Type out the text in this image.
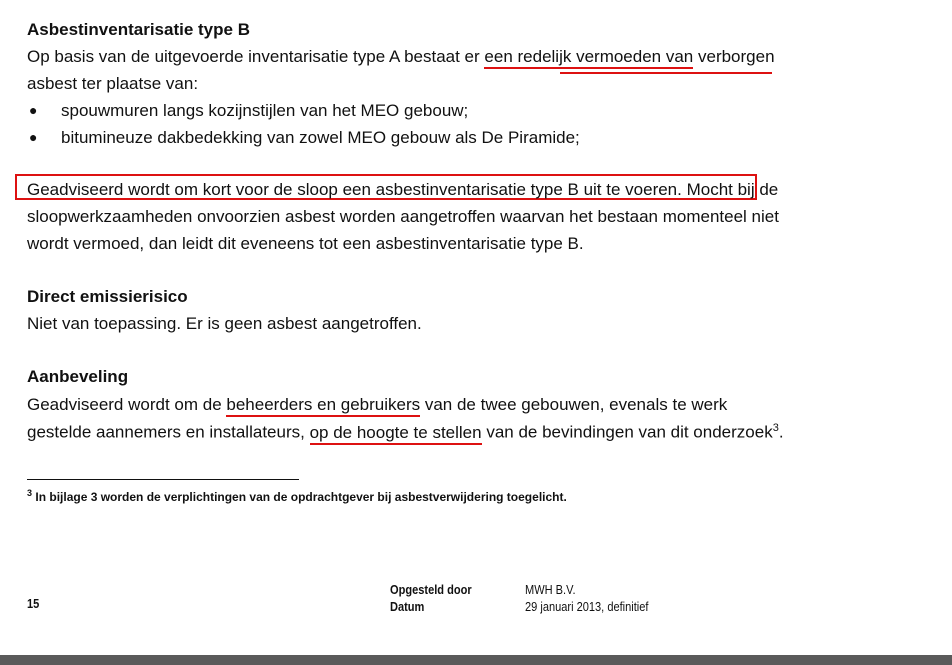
Asbestinventarisatie type B
Op basis van de uitgevoerde inventarisatie type A bestaat er een redelijk vermoeden van verborgen
asbest ter plaatse van:
● spouwmuren langs kozijnstijlen van het MEO gebouw;
● bitumineuze dakbedekking van zowel MEO gebouw als De Piramide;
Geadviseerd wordt om kort voor de sloop een asbestinventarisatie type B uit te voeren. Mocht bij de
sloopwerkzaamheden onvoorzien asbest worden aangetroffen waarvan het bestaan momenteel niet
wordt vermoed, dan leidt dit eveneens tot een asbestinventarisatie type B.
Direct emissierisico
Niet van toepassing. Er is geen asbest aangetroffen.
Aanbeveling
Geadviseerd wordt om de beheerders en gebruikers van de twee gebouwen, evenals te werk
gestelde aannemers en installateurs, op de hoogte te stellen van de bevindingen van dit onderzoek$^3$.
$^3$ In bijlage 3 worden de verplichtingen van de opdrachtgever bij asbestverwijdering toegelicht.
15
Opgesteld door
Datum
MWH B.V.
29 januari 2013, definitief
